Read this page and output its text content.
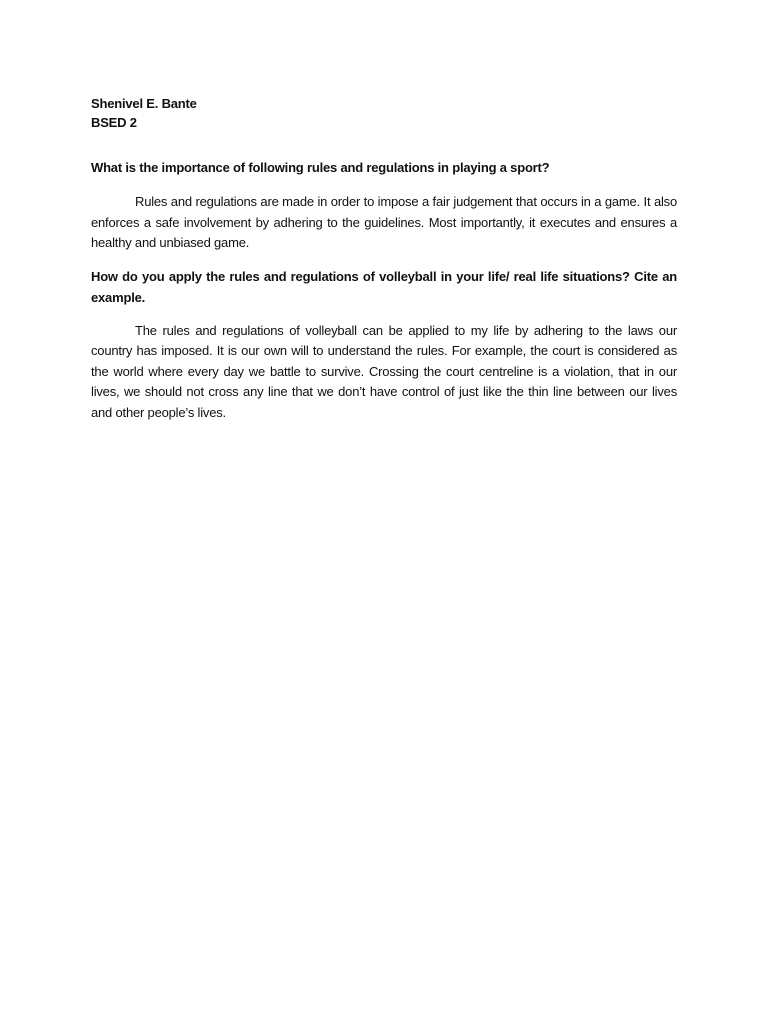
Shenivel E. Bante
BSED 2

What is the importance of following rules and regulations in playing a sport?

Rules and regulations are made in order to impose a fair judgement that occurs in a game. It also enforces a safe involvement by adhering to the guidelines. Most importantly, it executes and ensures a healthy and unbiased game.

How do you apply the rules and regulations of volleyball in your life/ real life situations? Cite an example.

The rules and regulations of volleyball can be applied to my life by adhering to the laws our country has imposed. It is our own will to understand the rules. For example, the court is considered as the world where every day we battle to survive. Crossing the court centreline is a violation, that in our lives, we should not cross any line that we don’t have control of just like the thin line between our lives and other people’s lives.
